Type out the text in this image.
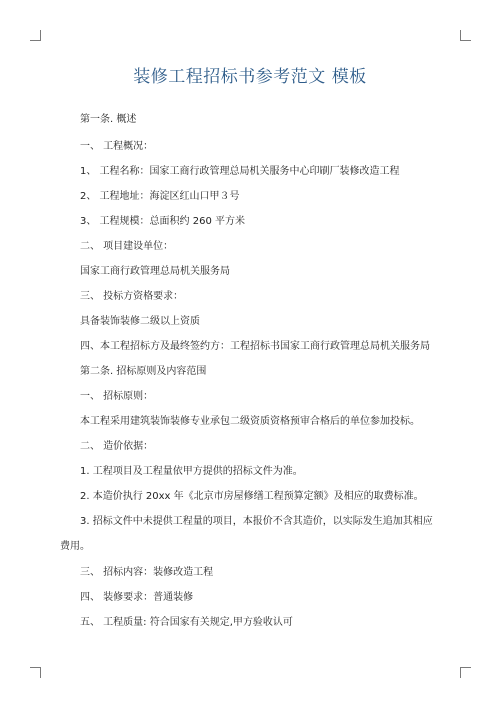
装修工程招标书参考范文 模板
第一条. 概述
一、 工程概况：
1、 工程名称：国家工商行政管理总局机关服务中心印刷厂装修改造工程
2、 工程地址：海淀区红山口甲３号
3、 工程规模：总面积约 260 平方米
二、 项目建设单位：
国家工商行政管理总局机关服务局
三、 投标方资格要求：
具备装饰装修二级以上资质
四、本工程招标方及最终签约方：工程招标书国家工商行政管理总局机关服务局
第二条. 招标原则及内容范围
一、 招标原则：
本工程采用建筑装饰装修专业承包二级资质资格预审合格后的单位参加投标。
二、 造价依据：
1. 工程项目及工程量依甲方提供的招标文件为准。
2. 本造价执行 20xx 年《北京市房屋修缮工程预算定额》及相应的取费标准。
3. 招标文件中未提供工程量的项目，本报价不含其造价，以实际发生追加其相应
费用。
三、 招标内容：装修改造工程
四、 装修要求：普通装修
五、 工程质量: 符合国家有关规定,甲方验收认可
